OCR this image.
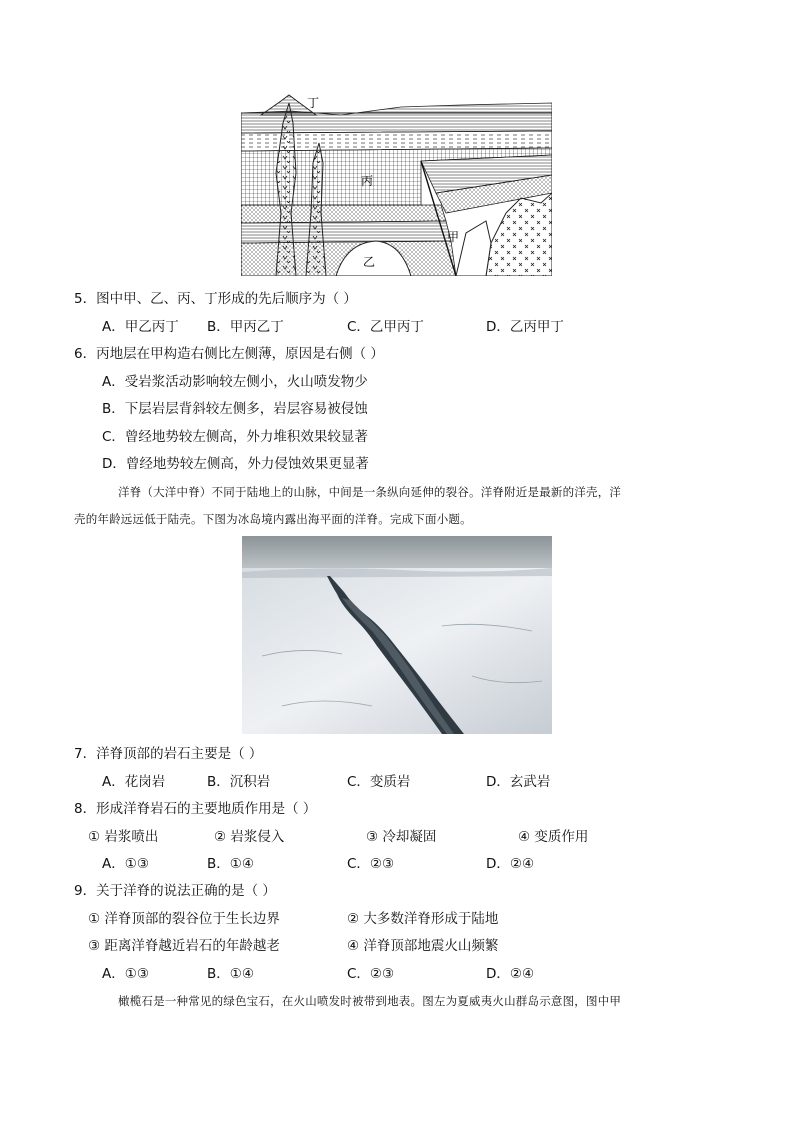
丁
丙
甲
乙
5．图中甲、乙、丙、丁形成的先后顺序为（ ）
A．甲乙丙丁 B．甲丙乙丁	C．乙甲丙丁	D．乙丙甲丁
6．丙地层在甲构造右侧比左侧薄，原因是右侧（ ）
A．受岩浆活动影响较左侧小，火山喷发物少
B．下层岩层背斜较左侧多，岩层容易被侵蚀
C．曾经地势较左侧高，外力堆积效果较显著
D．曾经地势较左侧高，外力侵蚀效果更显著
洋脊（大洋中脊）不同于陆地上的山脉，中间是一条纵向延伸的裂谷。洋脊附近是最新的洋壳，洋
壳的年龄远远低于陆壳。下图为冰岛境内露出海平面的洋脊。完成下面小题。
7．洋脊顶部的岩石主要是（ ）
A．花岗岩	B．沉积岩	C．变质岩	D．玄武岩
8．形成洋脊岩石的主要地质作用是（ ）
① 岩浆喷出	② 岩浆侵入	③ 冷却凝固	④ 变质作用
A．①③	B．①④	C．②③	D．②④
9．关于洋脊的说法正确的是（ ）
① 洋脊顶部的裂谷位于生长边界	② 大多数洋脊形成于陆地
③ 距离洋脊越近岩石的年龄越老	④ 洋脊顶部地震火山频繁
A．①③	B．①④	C．②③	D．②④
橄榄石是一种常见的绿色宝石，在火山喷发时被带到地表。图左为夏威夷火山群岛示意图，图中甲
